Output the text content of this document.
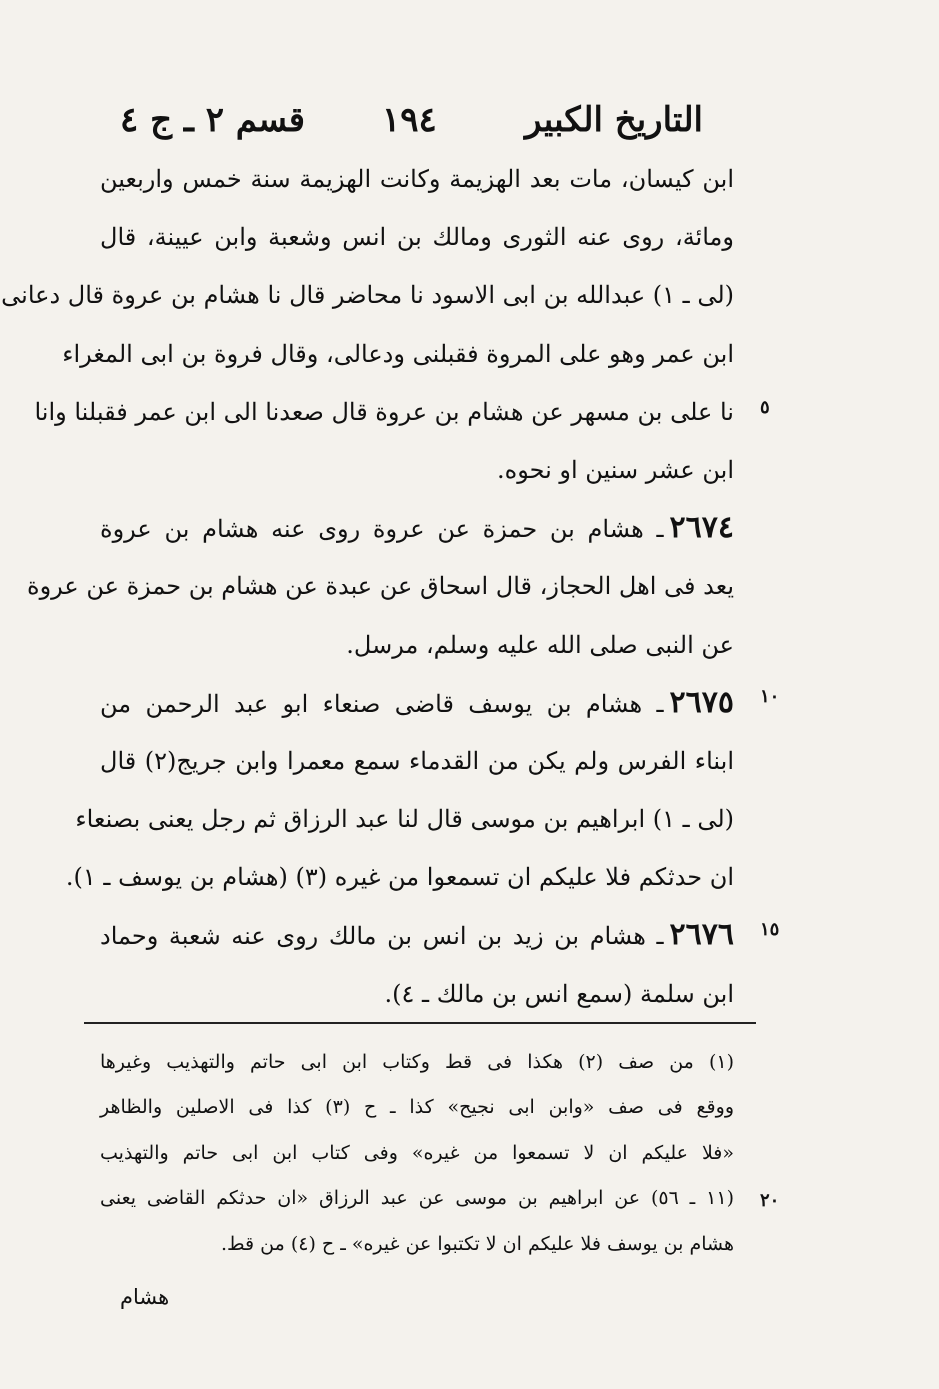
التاريخ الكبير
١٩٤
قسم ٢ ـ ج ٤
ابن كيسان، مات بعد الهزيمة وكانت الهزيمة سنة خمس واربعين
ومائة، روى عنه الثورى ومالك بن انس وشعبة وابن عيينة، قال
(لى ـ ١) عبدالله بن ابى الاسود نا محاضر قال نا هشام بن عروة قال دعانى
ابن عمر وهو على المروة فقبلنى ودعالى، وقال فروة بن ابى المغراء
نا على بن مسهر عن هشام بن عروة قال صعدنا الى ابن عمر فقبلنا وانا
ابن عشر سنين او نحوه.
٢٦٧٤ـ هشام بن حمزة عن عروة روى عنه هشام بن عروة
يعد فى اهل الحجاز، قال اسحاق عن عبدة عن هشام بن حمزة عن عروة
عن النبى صلى الله عليه وسلم، مرسل.
٢٦٧٥ـ هشام بن يوسف قاضى صنعاء ابو عبد الرحمن من
ابناء الفرس ولم يكن من القدماء سمع معمرا وابن جريج(٢) قال
(لى ـ ١) ابراهيم بن موسى قال لنا عبد الرزاق ثم رجل يعنى بصنعاء
ان حدثكم فلا عليكم ان تسمعوا من غيره (٣) (هشام بن يوسف ـ ١).
٢٦٧٦ـ هشام بن زيد بن انس بن مالك روى عنه شعبة وحماد
ابن سلمة (سمع انس بن مالك ـ ٤).
٥
١٠
١٥
٢٠
(١) من صف (٢) هكذا فى قط وكتاب ابن ابى حاتم والتهذيب وغيرها
ووقع فى صف «وابن ابى نجيح» كذا ـ ح (٣) كذا فى الاصلين والظاهر
«فلا عليكم ان لا تسمعوا من غيره» وفى كتاب ابن ابى حاتم والتهذيب
(١١ ـ ٥٦) عن ابراهيم بن موسى عن عبد الرزاق «ان حدثكم القاضى يعنى
هشام بن يوسف فلا عليكم ان لا تكتبوا عن غيره» ـ ح (٤) من قط.
هشام
